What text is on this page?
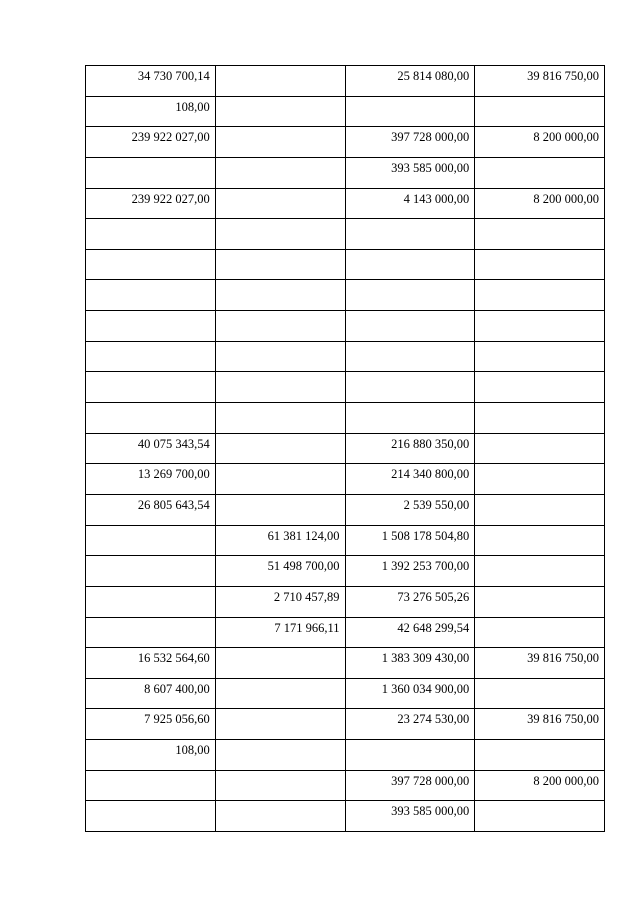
34 730 700,14		25 814 080,00	39 816 750,00
108,00			
239 922 027,00		397 728 000,00	8 200 000,00
		393 585 000,00	
239 922 027,00		4 143 000,00	8 200 000,00

40 075 343,54		216 880 350,00	
13 269 700,00		214 340 800,00	
26 805 643,54		2 539 550,00	
	61 381 124,00	1 508 178 504,80	
	51 498 700,00	1 392 253 700,00	
	2 710 457,89	73 276 505,26	
	7 171 966,11	42 648 299,54	
16 532 564,60		1 383 309 430,00	39 816 750,00
8 607 400,00		1 360 034 900,00	
7 925 056,60		23 274 530,00	39 816 750,00
108,00			
		397 728 000,00	8 200 000,00
		393 585 000,00	
